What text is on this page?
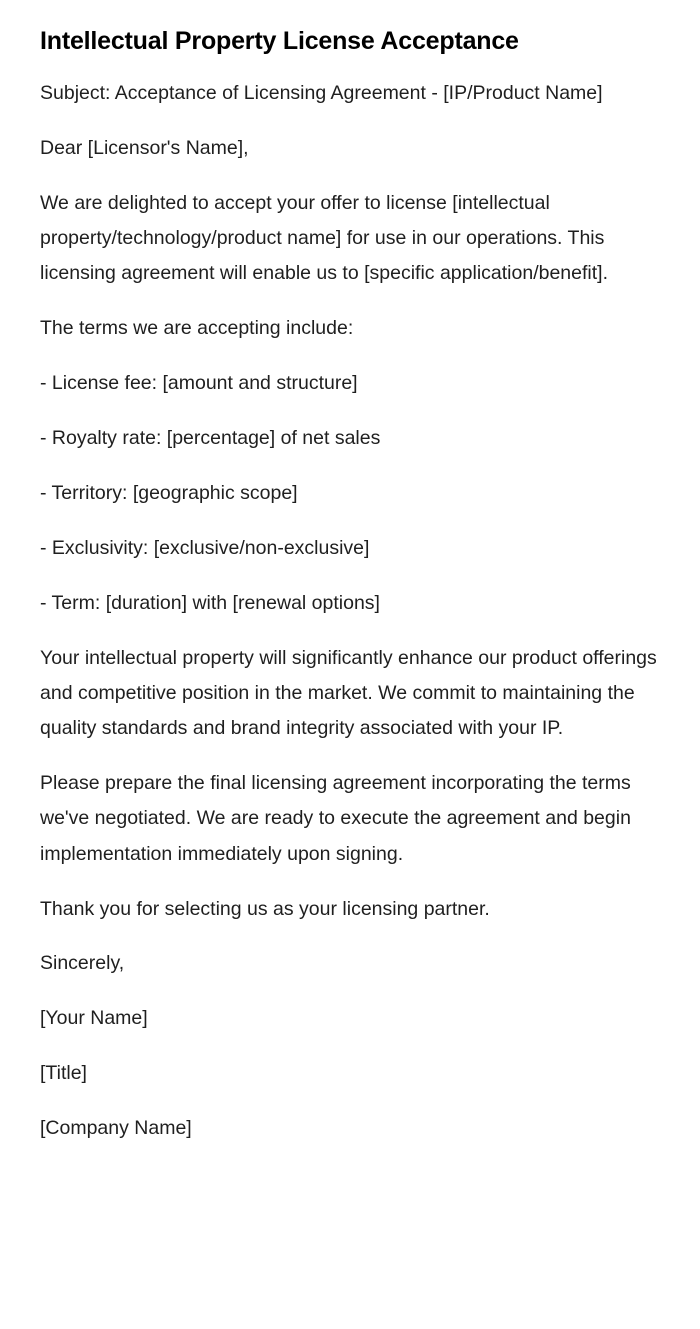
Intellectual Property License Acceptance

Subject: Acceptance of Licensing Agreement - [IP/Product Name]

Dear [Licensor's Name],

We are delighted to accept your offer to license [intellectual property/technology/product name] for use in our operations. This licensing agreement will enable us to [specific application/benefit].

The terms we are accepting include:

- License fee: [amount and structure]

- Royalty rate: [percentage] of net sales

- Territory: [geographic scope]

- Exclusivity: [exclusive/non-exclusive]

- Term: [duration] with [renewal options]

Your intellectual property will significantly enhance our product offerings and competitive position in the market. We commit to maintaining the quality standards and brand integrity associated with your IP.

Please prepare the final licensing agreement incorporating the terms we've negotiated. We are ready to execute the agreement and begin implementation immediately upon signing.

Thank you for selecting us as your licensing partner.

Sincerely,

[Your Name]

[Title]

[Company Name]
